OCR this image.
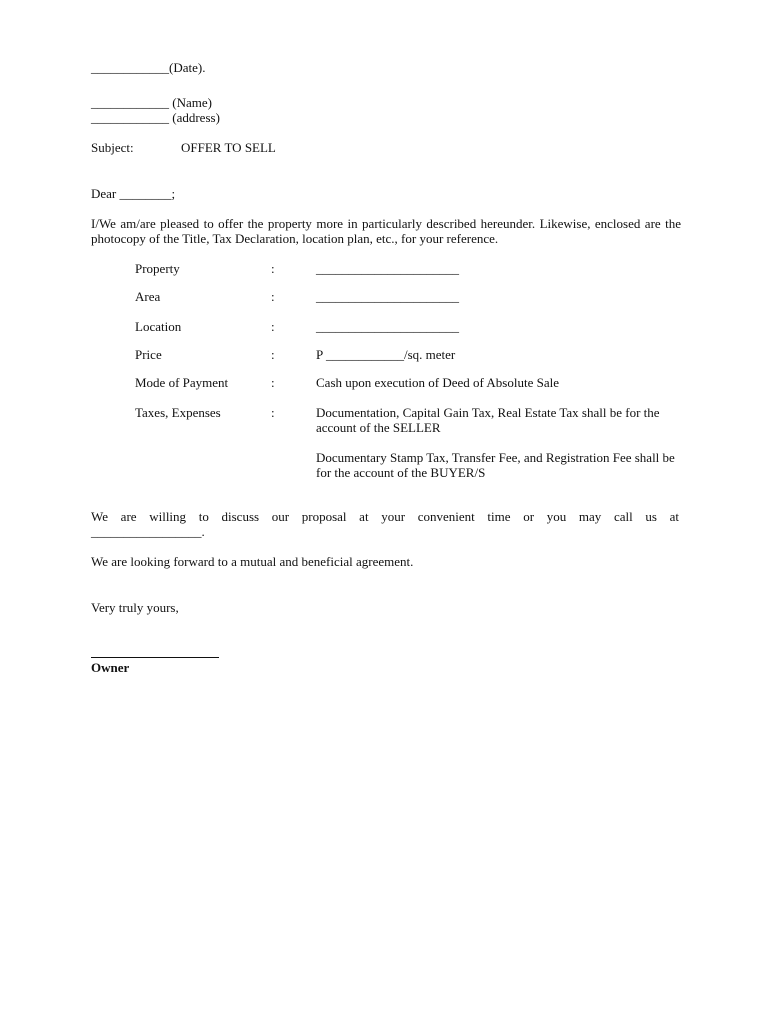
____________(Date).
____________ (Name)
____________ (address)
Subject:	OFFER TO SELL
Dear ________;
I/We am/are pleased to offer the property more in particularly described hereunder. Likewise, enclosed are the photocopy of the Title, Tax Declaration, location plan, etc., for your reference.
Property	:	______________________
Area	:	______________________
Location	:	______________________
Price	:	P ____________/sq. meter
Mode of Payment	:	Cash upon execution of Deed of Absolute Sale
Taxes, Expenses	:	Documentation, Capital Gain Tax, Real Estate Tax shall be for the account of the SELLER
Documentary Stamp Tax, Transfer Fee, and Registration Fee shall be for the account of the BUYER/S
We are willing to discuss our proposal at your convenient time or you may call us at _________________.
We are looking forward to a mutual and beneficial agreement.
Very truly yours,
Owner
